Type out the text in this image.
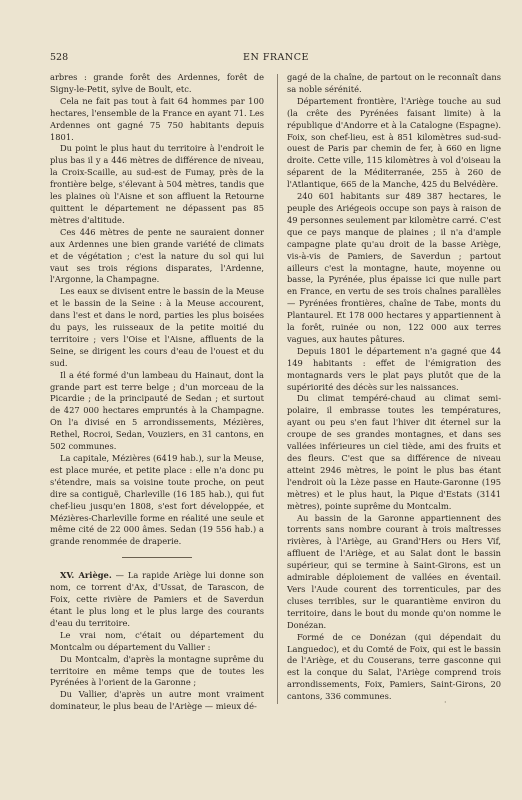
528	EN FRANCE

arbres : grande forêt des Ardennes, forêt de Signy-le-Petit, sylve de Boult, etc.

Cela ne fait pas tout à fait 64 hommes par 100 hectares, l'ensemble de la France en ayant 71. Les Ardennes ont gagné 75 750 habitants depuis 1801.

Du point le plus haut du territoire à l'endroit le plus bas il y a 446 mètres de différence de niveau, la Croix-Scaille, au sud-est de Fumay, près de la frontière belge, s'élevant à 504 mètres, tandis que les plaines où l'Aisne et son affluent la Retourne quittent le département ne dépassent pas 85 mètres d'altitude.

Ces 446 mètres de pente ne sauraient donner aux Ardennes une bien grande variété de climats et de végétation ; c'est la nature du sol qui lui vaut ses trois régions disparates, l'Ardenne, l'Argonne, la Champagne.

Les eaux se divisent entre le bassin de la Meuse et le bassin de la Seine : à la Meuse accourent, dans l'est et dans le nord, parties les plus boisées du pays, les ruisseaux de la petite moitié du territoire ; vers l'Oise et l'Aisne, affluents de la Seine, se dirigent les cours d'eau de l'ouest et du sud.

Il a été formé d'un lambeau du Hainaut, dont la grande part est terre belge ; d'un morceau de la Picardie ; de la principauté de Sedan ; et surtout de 427 000 hectares empruntés à la Champagne. On l'a divisé en 5 arrondissements, Mézières, Rethel, Rocroi, Sedan, Vouziers, en 31 cantons, en 502 communes.

La capitale, Mézières (6419 hab.), sur la Meuse, est place murée, et petite place : elle n'a donc pu s'étendre, mais sa voisine toute proche, on peut dire sa contiguë, Charleville (16 185 hab.), qui fut chef-lieu jusqu'en 1808, s'est fort développée, et Mézières-Charleville forme en réalité une seule et même cité de 22 000 âmes. Sedan (19 556 hab.) a grande renommée de draperie.

XV. Ariège. — La rapide Ariège lui donne son nom, ce torrent d'Ax, d'Ussat, de Tarascon, de Foix, cette rivière de Pamiers et de Saverdun étant le plus long et le plus large des courants d'eau du territoire.

Le vrai nom, c'était ou département du Montcalm ou département du Vallier :

Du Montcalm, d'après la montagne suprême du territoire en même temps que de toutes les Pyrénées à l'orient de la Garonne ;

Du Vallier, d'après un autre mont vraiment dominateur, le plus beau de l'Ariège — mieux dé-

gagé de la chaîne, de partout on le reconnaît dans sa noble sérénité.

Département frontière, l'Ariège touche au sud (la crête des Pyrénées faisant limite) à la république d'Andorre et à la Catalogne (Espagne). Foix, son chef-lieu, est à 851 kilomètres sud-sud-ouest de Paris par chemin de fer, à 660 en ligne droite. Cette ville, 115 kilomètres à vol d'oiseau la séparent de la Méditerranée, 255 à 260 de l'Atlantique, 665 de la Manche, 425 du Belvédère.

240 601 habitants sur 489 387 hectares, le peuple des Ariégeois occupe son pays à raison de 49 personnes seulement par kilomètre carré. C'est que ce pays manque de plaines ; il n'a d'ample campagne plate qu'au droit de la basse Ariège, vis-à-vis de Pamiers, de Saverdun ; partout ailleurs c'est la montagne, haute, moyenne ou basse, la Pyrénée, plus épaisse ici que nulle part en France, en vertu de ses trois chaînes parallèles — Pyrénées frontières, chaîne de Tabe, monts du Plantaurel. Et 178 000 hectares y appartiennent à la forêt, ruinée ou non, 122 000 aux terres vagues, aux hautes pâtures.

Depuis 1801 le département n'a gagné que 44 149 habitants : effet de l'émigration des montagnards vers le plat pays plutôt que de la supériorité des décès sur les naissances.

Du climat tempéré-chaud au climat semi-polaire, il embrasse toutes les températures, ayant ou peu s'en faut l'hiver dit éternel sur la croupe de ses grandes montagnes, et dans ses vallées inférieures un ciel tiède, ami des fruits et des fleurs. C'est que sa différence de niveau atteint 2946 mètres, le point le plus bas étant l'endroit où la Lèze passe en Haute-Garonne (195 mètres) et le plus haut, la Pique d'Estats (3141 mètres), pointe suprême du Montcalm.

Au bassin de la Garonne appartiennent des torrents sans nombre courant à trois maîtresses rivières, à l'Ariège, au Grand'Hers ou Hers Vif, affluent de l'Ariège, et au Salat dont le bassin supérieur, qui se termine à Saint-Girons, est un admirable déploiement de vallées en éventail. Vers l'Aude courent des torrenticules, par des cluses terribles, sur le quarantième environ du territoire, dans le bout du monde qu'on nomme le Donézan.

Formé de ce Donézan (qui dépendait du Languedoc), et du Comté de Foix, qui est le bassin de l'Ariège, et du Couserans, terre gasconne qui est la conque du Salat, l'Ariège comprend trois arrondissements, Foix, Pamiers, Saint-Girons, 20 cantons, 336 communes.

·
